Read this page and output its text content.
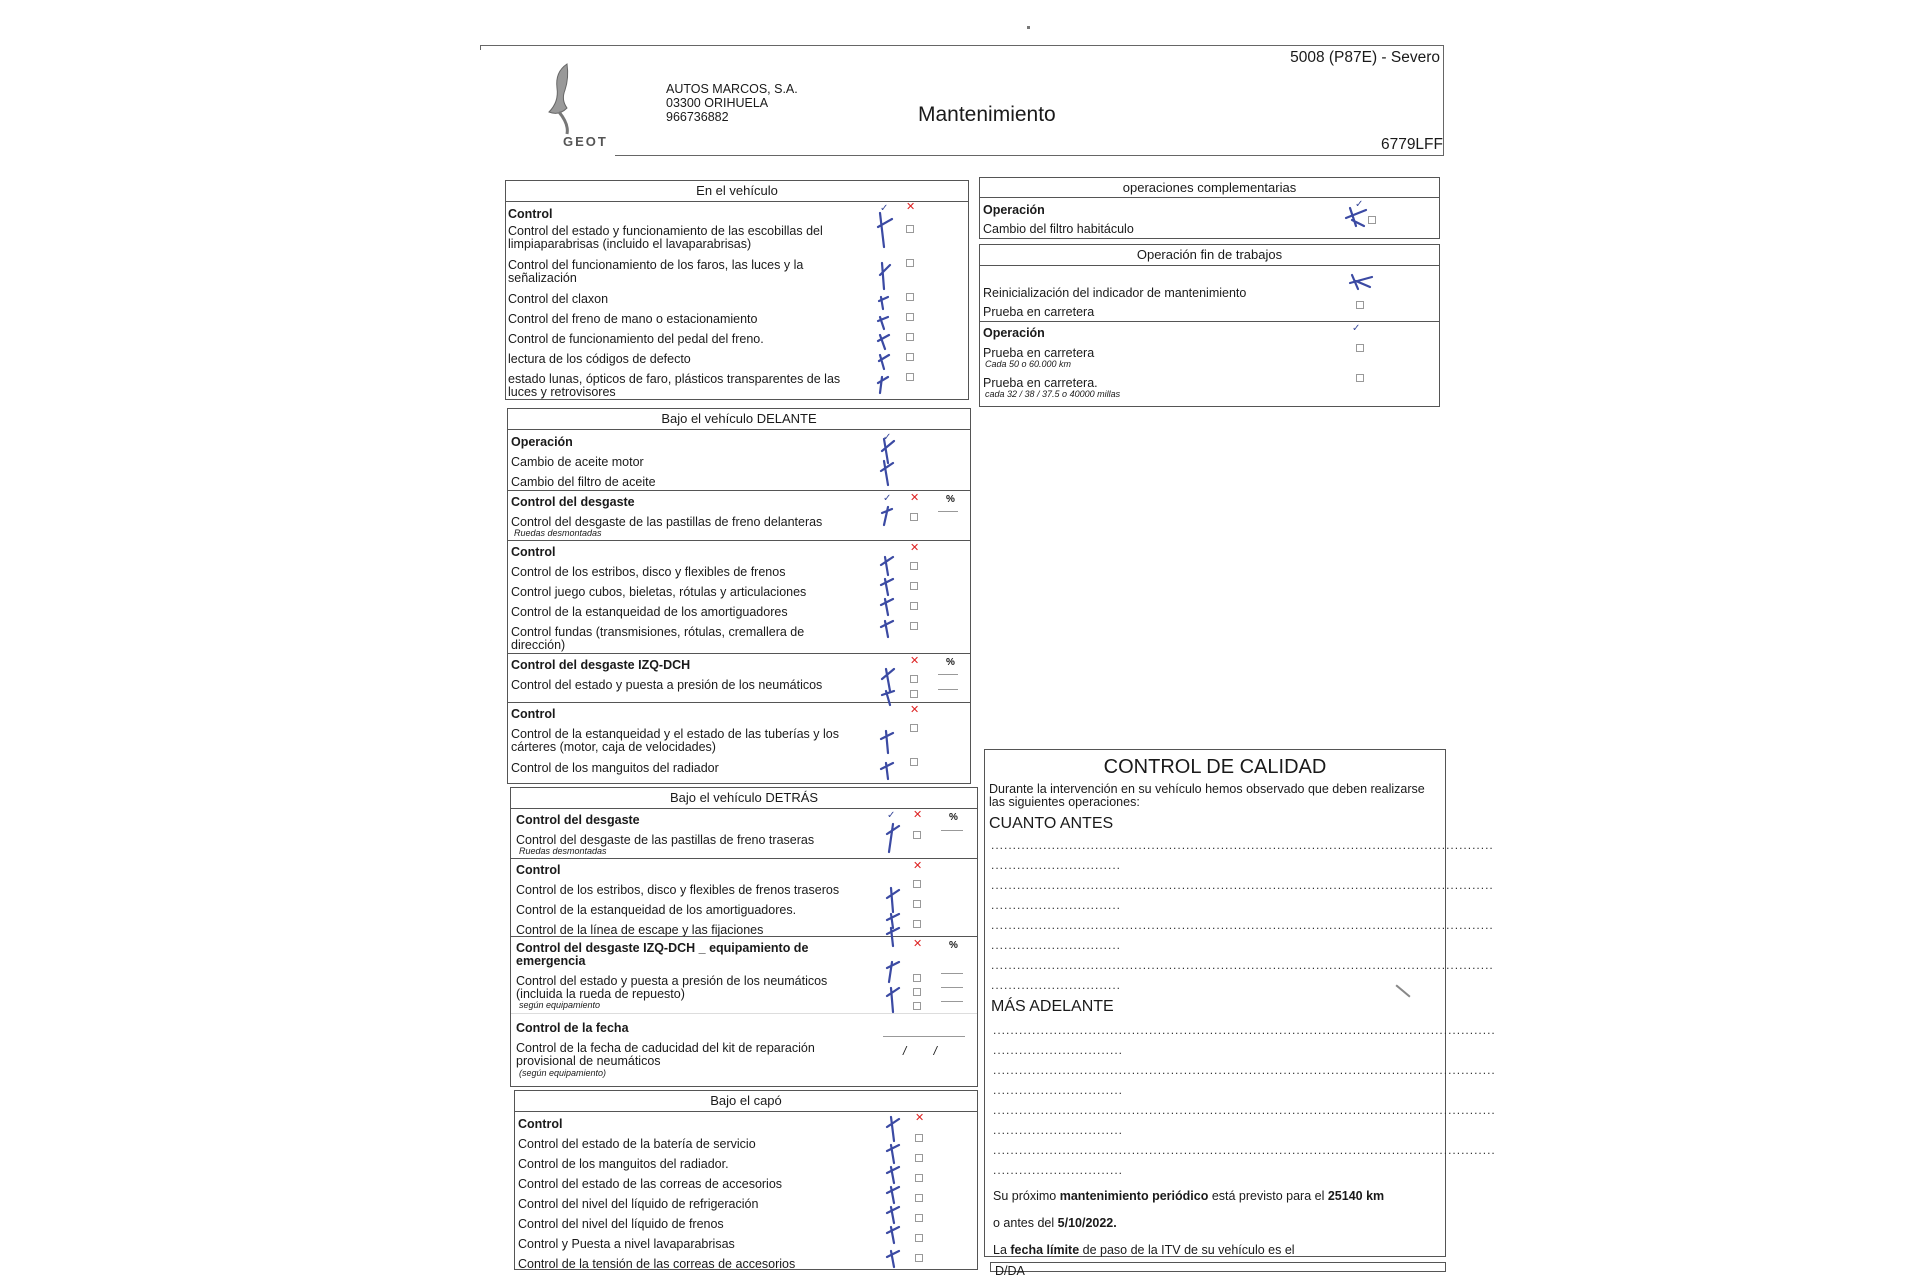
GEOT
AUTOS MARCOS, S.A.
03300 ORIHUELA
966736882	Mantenimiento
5008 (P87E) - Severo
6779LFF
En el vehículo
✓ ✕
Control
Control del estado y funcionamiento de las escobillas del limpiaparabrisas (incluido el lavaparabrisas)
Control del funcionamiento de los faros, las luces y la señalización
Control del claxon
Control del freno de mano o estacionamiento
Control de funcionamiento del pedal del freno.
lectura de los códigos de defecto
estado lunas, ópticos de faro, plásticos transparentes de las luces y retrovisores
Bajo el vehículo DELANTE
✓
Operación
Cambio de aceite motor
Cambio del filtro de aceite
✓ ✕	%
Control del desgaste
Control del desgaste de las pastillas de freno delanteras
Ruedas desmontadas
✕
Control
Control de los estribos, disco y flexibles de frenos
Control juego cubos, bieletas, rótulas y articulaciones
Control de la estanqueidad de los amortiguadores
Control fundas (transmisiones, rótulas, cremallera de dirección)
✕	%
Control del desgaste IZQ-DCH
Control del estado y puesta a presión de los neumáticos
✕
Control
Control de la estanqueidad y el estado de las tuberías y los cárteres (motor, caja de velocidades)
Control de los manguitos del radiador
Bajo el vehículo DETRÁS
✓ ✕	%
Control del desgaste
Control del desgaste de las pastillas de freno traseras
Ruedas desmontadas
✕
Control
Control de los estribos, disco y flexibles de frenos traseros
Control de la estanqueidad de los amortiguadores.
Control de la línea de escape y las fijaciones
✕	%
Control del desgaste IZQ-DCH _ equipamiento de emergencia
Control del estado y puesta a presión de los neumáticos (incluida la rueda de repuesto)
según equipamiento
Control de la fecha
Control de la fecha de caducidad del kit de reparación provisional de neumáticos
(según equipamiento)
/ /
Bajo el capó
✕
Control
Control del estado de la batería de servicio
Control de los manguitos del radiador.
Control del estado de las correas de accesorios
Control del nivel del líquido de refrigeración
Control del nivel del líquido de frenos
Control y Puesta a nivel lavaparabrisas
Control de la tensión de las correas de accesorios
operaciones complementarias
✓
Operación
Cambio del filtro habitáculo
Operación fin de trabajos
Reinicialización del indicador de mantenimiento
Prueba en carretera
✓
Operación
Prueba en carretera
Cada 50 o 60.000 km
Prueba en carretera.
cada 32 / 38 / 37.5 o 40000 millas
CONTROL DE CALIDAD
Durante la intervención en su vehículo hemos observado que deben realizarse las siguientes operaciones:
CUANTO ANTES
....................................................................................................................
..............................
....................................................................................................................
..............................
....................................................................................................................
..............................
....................................................................................................................
..............................
MÁS ADELANTE
....................................................................................................................
..............................
....................................................................................................................
..............................
....................................................................................................................
..............................
....................................................................................................................
..............................
Su próximo mantenimiento periódico está previsto para el 25140 km
o antes del 5/10/2022.
La fecha límite de paso de la ITV de su vehículo es el
D/DA
